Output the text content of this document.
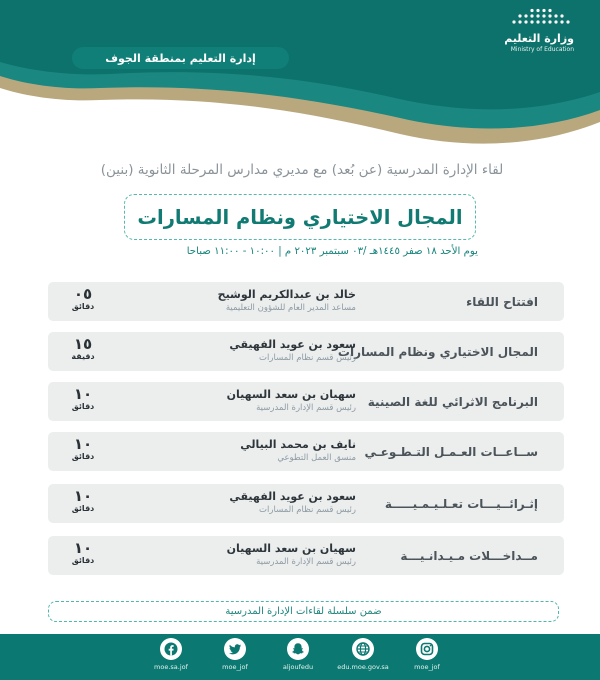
وزارة التعليم
Ministry of Education
إدارة التعليم بمنطقة الجوف
لقاء الإدارة المدرسية (عن بُعد) مع مديري مدارس المرحلة الثانوية (بنين)
المجال الاختياري ونظام المسارات
يوم الأحد ١٨ صفر ١٤٤٥هـ /٠٣ سبتمبر ٢٠٢٣ م | ١٠:٠٠ - ١١:٠٠ صباحا
افتتاح اللقاء
خالد بن عبدالكريم الوشيح
مساعد المدير العام للشؤون التعليمية
٠٥
دقائق
المجال الاختياري ونظام المسارات
سعود بن عويد الفهيقي
رئيس قسم نظام المسارات
١٥
دقيقة
البرنامج الاثرائي للغة الصينية
سهيان بن سعد السهيان
رئيس قسم الإدارة المدرسية
١٠
دقائق
ســاعــات العـمـل التـطـوعـي
نايف بن محمد البيالي
منسق العمل التطوعي
١٠
دقائق
إثـرائــيـــات تعـلـيـمـيـــــة
سعود بن عويد الفهيقي
رئيس قسم نظام المسارات
١٠
دقائق
مــداخـــلات مـيـدانـيـــة
سهيان بن سعد السهيان
رئيس قسم الإدارة المدرسية
١٠
دقائق
ضمن سلسلة لقاءات الإدارة المدرسية
moe_jof
edu.moe.gov.sa
aljoufedu
moe_jof
moe.sa.jof
